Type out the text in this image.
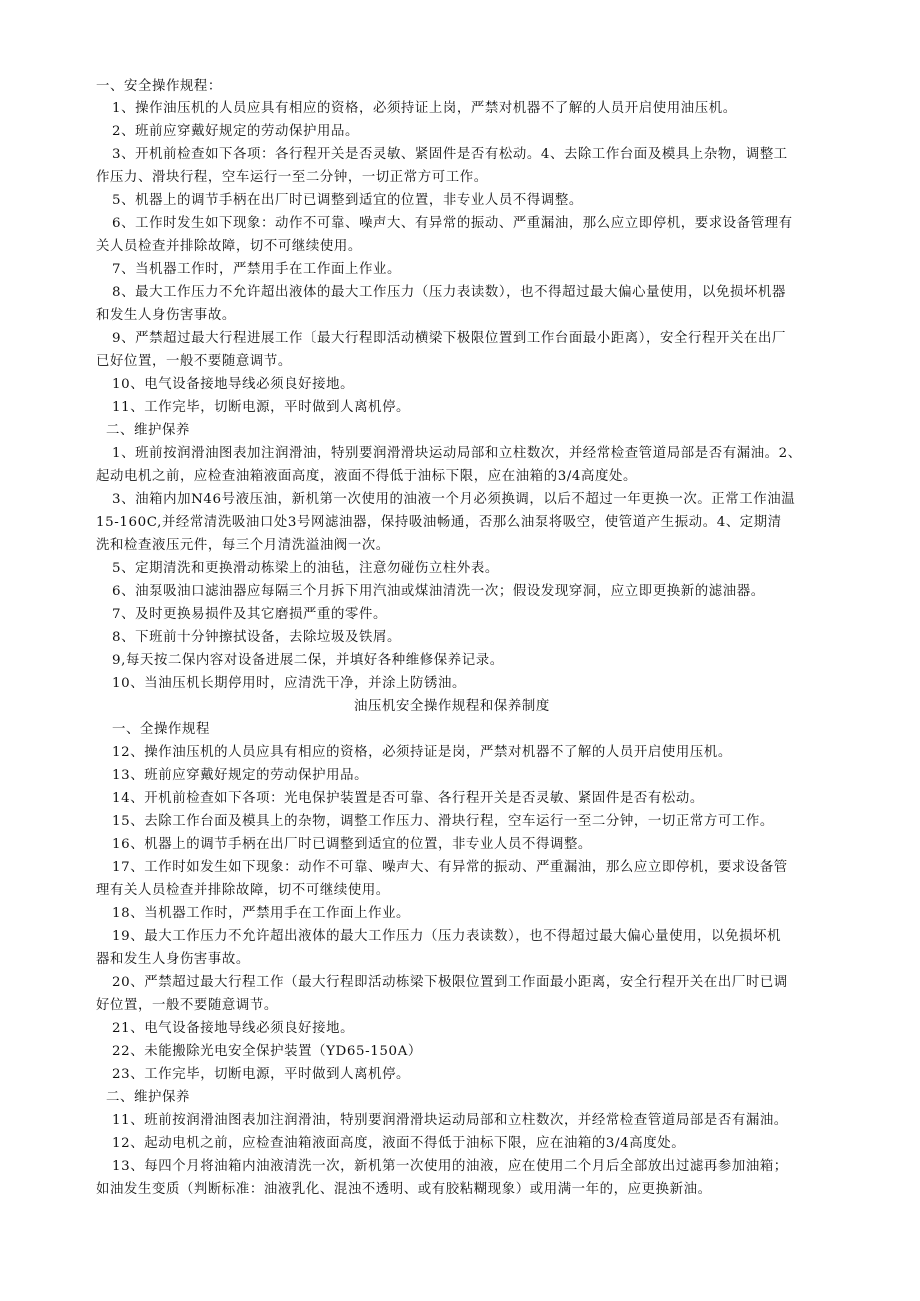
一、安全操作规程：
1、操作油压机的人员应具有相应的资格，必须持证上岗，严禁对机器不了解的人员开启使用油压机。
2、班前应穿戴好规定的劳动保护用品。
3、开机前检查如下各项：各行程开关是否灵敏、紧固件是否有松动。4、去除工作台面及模具上杂物，调整工
作压力、滑块行程，空车运行一至二分钟，一切正常方可工作。
5、机器上的调节手柄在出厂时已调整到适宜的位置，非专业人员不得调整。
6、工作时发生如下现象：动作不可靠、噪声大、有异常的振动、严重漏油，那么应立即停机，要求设备管理有
关人员检查并排除故障，切不可继续使用。
7、当机器工作时，严禁用手在工作面上作业。
8、最大工作压力不允许超出液体的最大工作压力（压力表读数），也不得超过最大偏心量使用，以免损坏机器
和发生人身伤害事故。
9、严禁超过最大行程进展工作〔最大行程即活动横梁下极限位置到工作台面最小距离），安全行程开关在出厂
已好位置，一般不要随意调节。
10、电气设备接地导线必须良好接地。
11、工作完毕，切断电源，平时做到人离机停。
二、维护保养
1、班前按润滑油图表加注润滑油，特别要润滑滑块运动局部和立柱数次，并经常检查管道局部是否有漏油。2、
起动电机之前，应检查油箱液面高度，液面不得低于油标下限，应在油箱的3/4高度处。
3、油箱内加N46号液压油，新机第一次使用的油液一个月必须换调，以后不超过一年更换一次。正常工作油温
15-160C,并经常清洗吸油口处3号网滤油器，保持吸油畅通，否那么油泵将吸空，使管道产生振动。4、定期清
洗和检查液压元件，每三个月清洗溢油阀一次。
5、定期清洗和更换滑动栋梁上的油毡，注意勿碰伤立柱外表。
6、油泵吸油口滤油器应每隔三个月拆下用汽油或煤油清洗一次；假设发现穿洞，应立即更换新的滤油器。
7、及时更换易损件及其它磨损严重的零件。
8、下班前十分钟擦拭设备，去除垃圾及铁屑。
9,每天按二保内容对设备进展二保，并填好各种维修保养记录。
10、当油压机长期停用时，应清洗干净，并涂上防锈油。
油压机安全操作规程和保养制度
一、全操作规程
12、操作油压机的人员应具有相应的资格，必须持证是岗，严禁对机器不了解的人员开启使用压机。
13、班前应穿戴好规定的劳动保护用品。
14、开机前检查如下各项：光电保护装置是否可靠、各行程开关是否灵敏、紧固件是否有松动。
15、去除工作台面及模具上的杂物，调整工作压力、滑块行程，空车运行一至二分钟，一切正常方可工作。
16、机器上的调节手柄在出厂时已调整到适宜的位置，非专业人员不得调整。
17、工作时如发生如下现象：动作不可靠、噪声大、有异常的振动、严重漏油，那么应立即停机，要求设备管
理有关人员检查并排除故障，切不可继续使用。
18、当机器工作时，严禁用手在工作面上作业。
19、最大工作压力不允许超出液体的最大工作压力（压力表读数），也不得超过最大偏心量使用，以免损坏机
器和发生人身伤害事故。
20、严禁超过最大行程工作（最大行程即活动栋梁下极限位置到工作面最小距离，安全行程开关在出厂时已调
好位置，一般不要随意调节。
21、电气设备接地导线必须良好接地。
22、未能搬除光电安全保护装置（YD65-150A）
23、工作完毕，切断电源，平时做到人离机停。
二、维护保养
11、班前按润滑油图表加注润滑油，特别要润滑滑块运动局部和立柱数次，并经常检查管道局部是否有漏油。
12、起动电机之前，应检查油箱液面高度，液面不得低于油标下限，应在油箱的3/4高度处。
13、每四个月将油箱内油液清洗一次，新机第一次使用的油液，应在使用二个月后全部放出过滤再参加油箱；
如油发生变质（判断标准：油液乳化、混浊不透明、或有胶粘糊现象）或用满一年的，应更换新油。
